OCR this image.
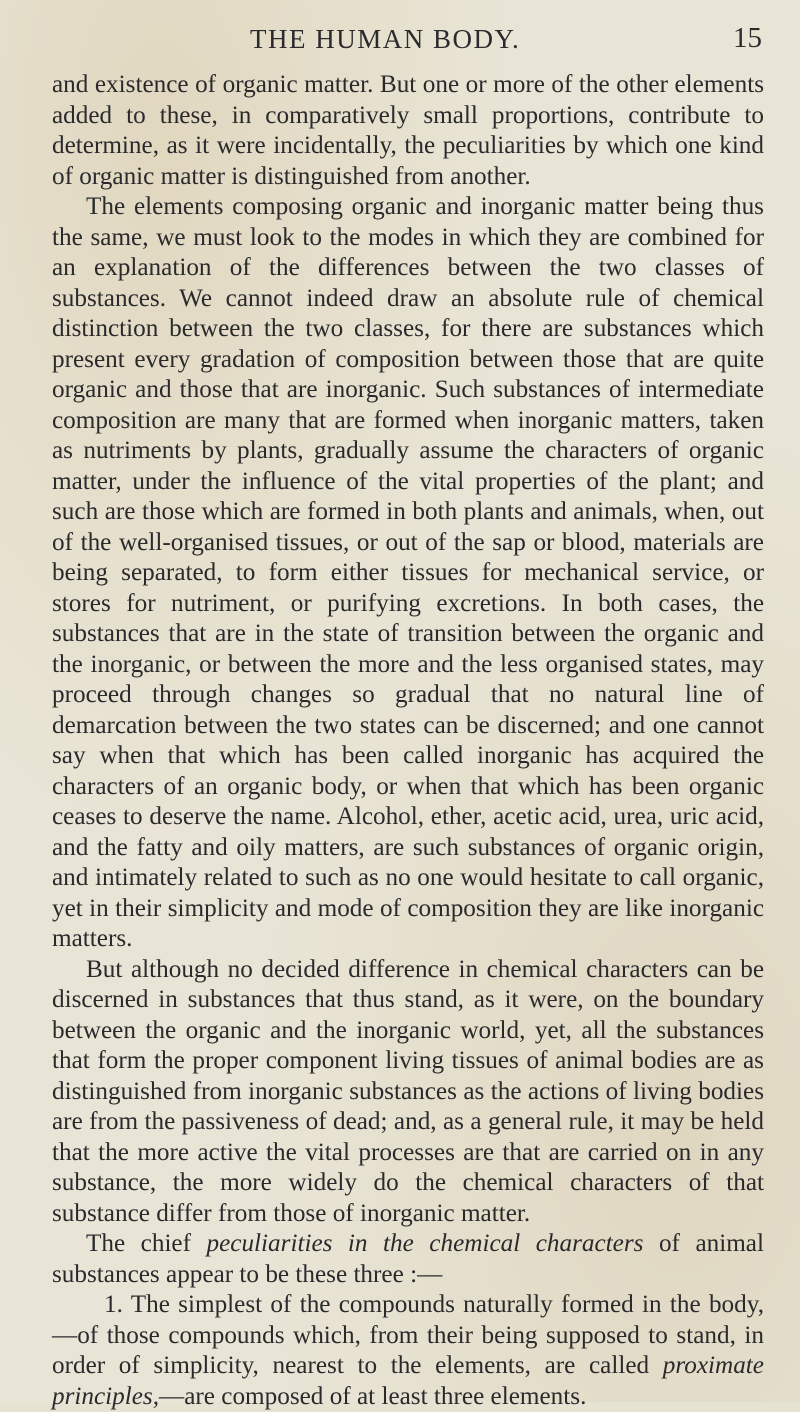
THE HUMAN BODY.	15

and existence of organic matter. But one or more of the other elements added to these, in comparatively small proportions, contribute to determine, as it were incidentally, the peculiarities by which one kind of organic matter is distinguished from another.

The elements composing organic and inorganic matter being thus the same, we must look to the modes in which they are combined for an explanation of the differences between the two classes of substances. We cannot indeed draw an absolute rule of chemical distinction between the two classes, for there are substances which present every gradation of composition between those that are quite organic and those that are inorganic. Such substances of intermediate composition are many that are formed when inorganic matters, taken as nutriments by plants, gradually assume the characters of organic matter, under the influence of the vital properties of the plant; and such are those which are formed in both plants and animals, when, out of the well-organised tissues, or out of the sap or blood, materials are being separated, to form either tissues for mechanical service, or stores for nutriment, or purifying excretions. In both cases, the substances that are in the state of transition between the organic and the inorganic, or between the more and the less organised states, may proceed through changes so gradual that no natural line of demarcation between the two states can be discerned; and one cannot say when that which has been called inorganic has acquired the characters of an organic body, or when that which has been organic ceases to deserve the name. Alcohol, ether, acetic acid, urea, uric acid, and the fatty and oily matters, are such substances of organic origin, and intimately related to such as no one would hesitate to call organic, yet in their simplicity and mode of composition they are like inorganic matters.

But although no decided difference in chemical characters can be discerned in substances that thus stand, as it were, on the boundary between the organic and the inorganic world, yet, all the substances that form the proper component living tissues of animal bodies are as distinguished from inorganic substances as the actions of living bodies are from the passiveness of dead; and, as a general rule, it may be held that the more active the vital processes are that are carried on in any substance, the more widely do the chemical characters of that substance differ from those of inorganic matter.

The chief peculiarities in the chemical characters of animal substances appear to be these three :—

1. The simplest of the compounds naturally formed in the body,—of those compounds which, from their being supposed to stand, in order of simplicity, nearest to the elements, are called proximate principles,—are composed of at least three elements.
